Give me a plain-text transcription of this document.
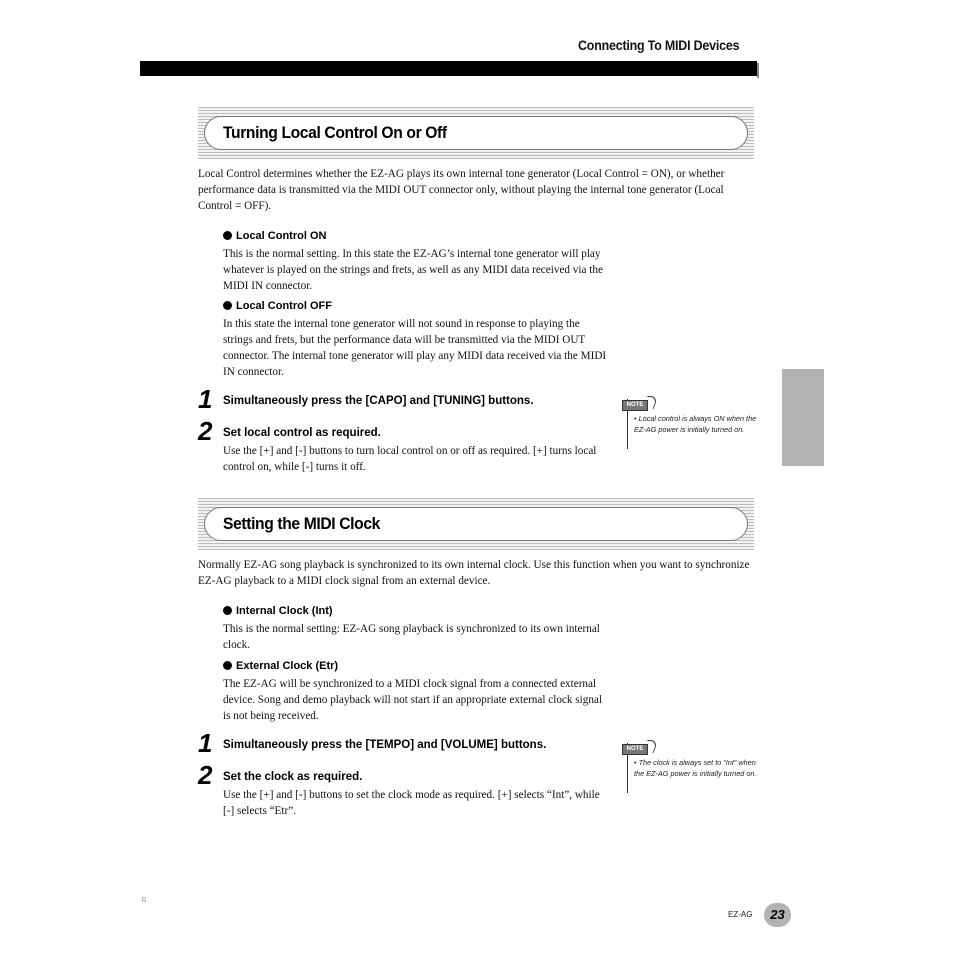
Connecting To MIDI Devices
Turning Local Control On or Off
Local Control determines whether the EZ-AG plays its own internal tone generator (Local Control = ON), or whether performance data is transmitted via the MIDI OUT connector only, without playing the internal tone generator (Local Control = OFF).
Local Control ON
This is the normal setting. In this state the EZ-AG’s internal tone generator will play whatever is played on the strings and frets, as well as any MIDI data received via the MIDI IN connector.
Local Control OFF
In this state the internal tone generator will not sound in response to playing the strings and frets, but the performance data will be transmitted via the MIDI OUT connector. The internal tone generator will play any MIDI data received via the MIDI IN connector.
1 Simultaneously press the [CAPO] and [TUNING] buttons.
2 Set local control as required.
Use the [+] and [-] buttons to turn local control on or off as required. [+] turns local control on, while [-] turns it off.
NOTE
• Local control is always ON when the EZ-AG power is initially turned on.
Setting the MIDI Clock
Normally EZ-AG song playback is synchronized to its own internal clock. Use this function when you want to synchronize EZ-AG playback to a MIDI clock signal from an external device.
Internal Clock (Int)
This is the normal setting: EZ-AG song playback is synchronized to its own internal clock.
External Clock (Etr)
The EZ-AG will be synchronized to a MIDI clock signal from a connected external device. Song and demo playback will not start if an appropriate external clock signal is not being received.
1 Simultaneously press the [TEMPO] and [VOLUME] buttons.
2 Set the clock as required.
Use the [+] and [-] buttons to set the clock mode as required. [+] selects “Int”, while [-] selects “Etr”.
NOTE
• The clock is always set to “Int” when the EZ-AG power is initially turned on.
27
EZ-AG	23
